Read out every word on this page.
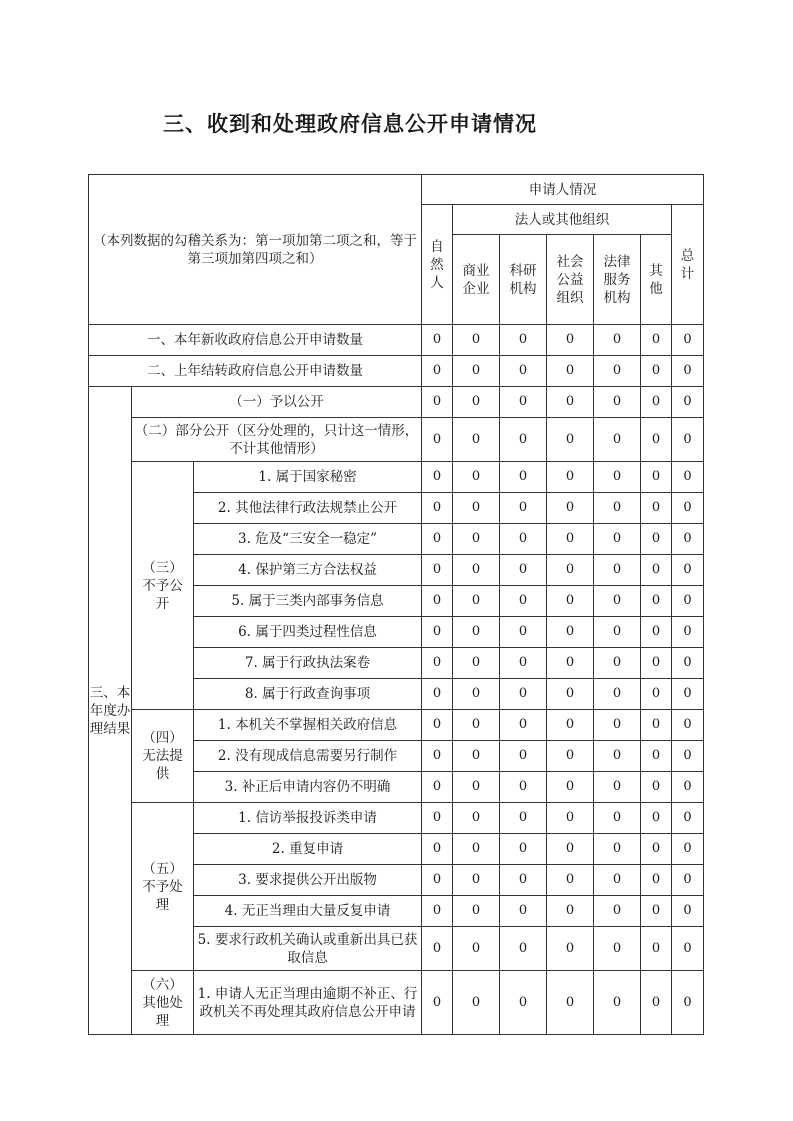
三、收到和处理政府信息公开申请情况
（本列数据的勾稽关系为：第一项加第二项之和，等于第三项加第四项之和）			申请人情况						
			自然人	法人或其他组织					总计
				商业企业	科研机构	社会公益组织	法律服务机构	其他	
一、本年新收政府信息公开申请数量			0	0	0	0	0	0	0
二、上年结转政府信息公开申请数量			0	0	0	0	0	0	0
三、本年度办理结果	（一）予以公开		0	0	0	0	0	0	0
	（二）部分公开（区分处理的，只计这一情形，不计其他情形）		0	0	0	0	0	0	0
	（三）不予公开	1. 属于国家秘密	0	0	0	0	0	0	0
		2. 其他法律行政法规禁止公开	0	0	0	0	0	0	0
		3. 危及“三安全一稳定”	0	0	0	0	0	0	0
		4. 保护第三方合法权益	0	0	0	0	0	0	0
		5. 属于三类内部事务信息	0	0	0	0	0	0	0
		6. 属于四类过程性信息	0	0	0	0	0	0	0
		7. 属于行政执法案卷	0	0	0	0	0	0	0
		8. 属于行政查询事项	0	0	0	0	0	0	0
	（四）无法提供	1. 本机关不掌握相关政府信息	0	0	0	0	0	0	0
		2. 没有现成信息需要另行制作	0	0	0	0	0	0	0
		3. 补正后申请内容仍不明确	0	0	0	0	0	0	0
	（五）不予处理	1. 信访举报投诉类申请	0	0	0	0	0	0	0
		2. 重复申请	0	0	0	0	0	0	0
		3. 要求提供公开出版物	0	0	0	0	0	0	0
		4. 无正当理由大量反复申请	0	0	0	0	0	0	0
		5. 要求行政机关确认或重新出具已获取信息	0	0	0	0	0	0	0
	（六）其他处理	1. 申请人无正当理由逾期不补正、行政机关不再处理其政府信息公开申请	0	0	0	0	0	0	0
